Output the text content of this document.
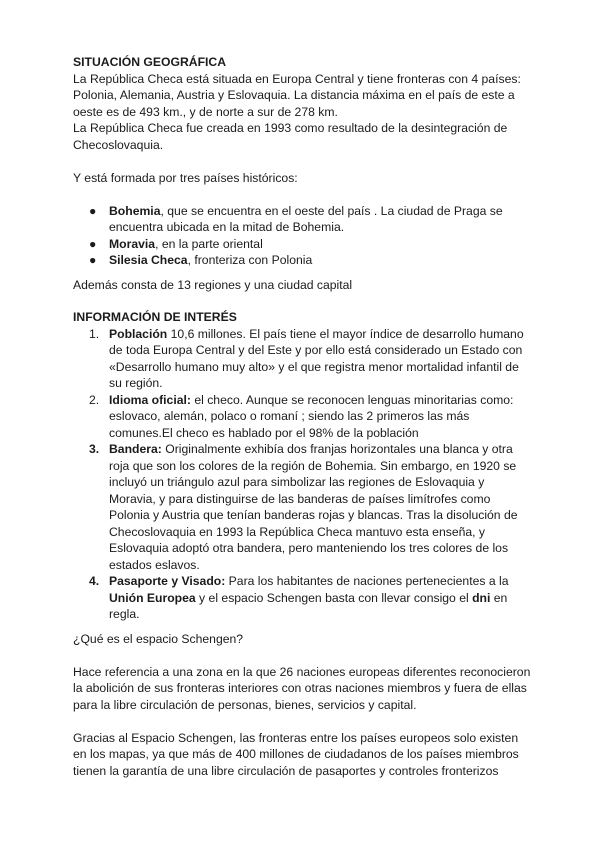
SITUACIÓN GEOGRÁFICA

La República Checa está situada en Europa Central y tiene fronteras con 4 países: Polonia, Alemania, Austria y Eslovaquia. La distancia máxima en el país de este a oeste es de 493 km., y de norte a sur de 278 km.

La República Checa fue creada en 1993 como resultado de la desintegración de Checoslovaquia.

Y está formada por tres países históricos:

● Bohemia, que se encuentra en el oeste del país . La ciudad de Praga se encuentra ubicada en la mitad de Bohemia.
● Moravia, en la parte oriental
● Silesia Checa, fronteriza con Polonia

Además consta de 13 regiones y una ciudad capital

INFORMACIÓN DE INTERÉS
1. Población 10,6 millones. El país tiene el mayor índice de desarrollo humano de toda Europa Central y del Este y por ello está considerado un Estado con «Desarrollo humano muy alto» y el que registra menor mortalidad infantil de su región.
2. Idioma oficial: el checo. Aunque se reconocen lenguas minoritarias como: eslovaco, alemán, polaco o romaní ; siendo las 2 primeros las más comunes.El checo es hablado por el 98% de la población
3. Bandera: Originalmente exhibía dos franjas horizontales una blanca y otra roja que son los colores de la región de Bohemia. Sin embargo, en 1920 se incluyó un triángulo azul para simbolizar las regiones de Eslovaquia y Moravia, y para distinguirse de las banderas de países limítrofes como Polonia y Austria que tenían banderas rojas y blancas. Tras la disolución de Checoslovaquia en 1993 la República Checa mantuvo esta enseña, y Eslovaquia adoptó otra bandera, pero manteniendo los tres colores de los estados eslavos.
4. Pasaporte y Visado: Para los habitantes de naciones pertenecientes a la Unión Europea y el espacio Schengen basta con llevar consigo el dni en regla.

¿Qué es el espacio Schengen?

Hace referencia a una zona en la que 26 naciones europeas diferentes reconocieron la abolición de sus fronteras interiores con otras naciones miembros y fuera de ellas para la libre circulación de personas, bienes, servicios y capital.

Gracias al Espacio Schengen, las fronteras entre los países europeos solo existen en los mapas, ya que más de 400 millones de ciudadanos de los países miembros tienen la garantía de una libre circulación de pasaportes y controles fronterizos
